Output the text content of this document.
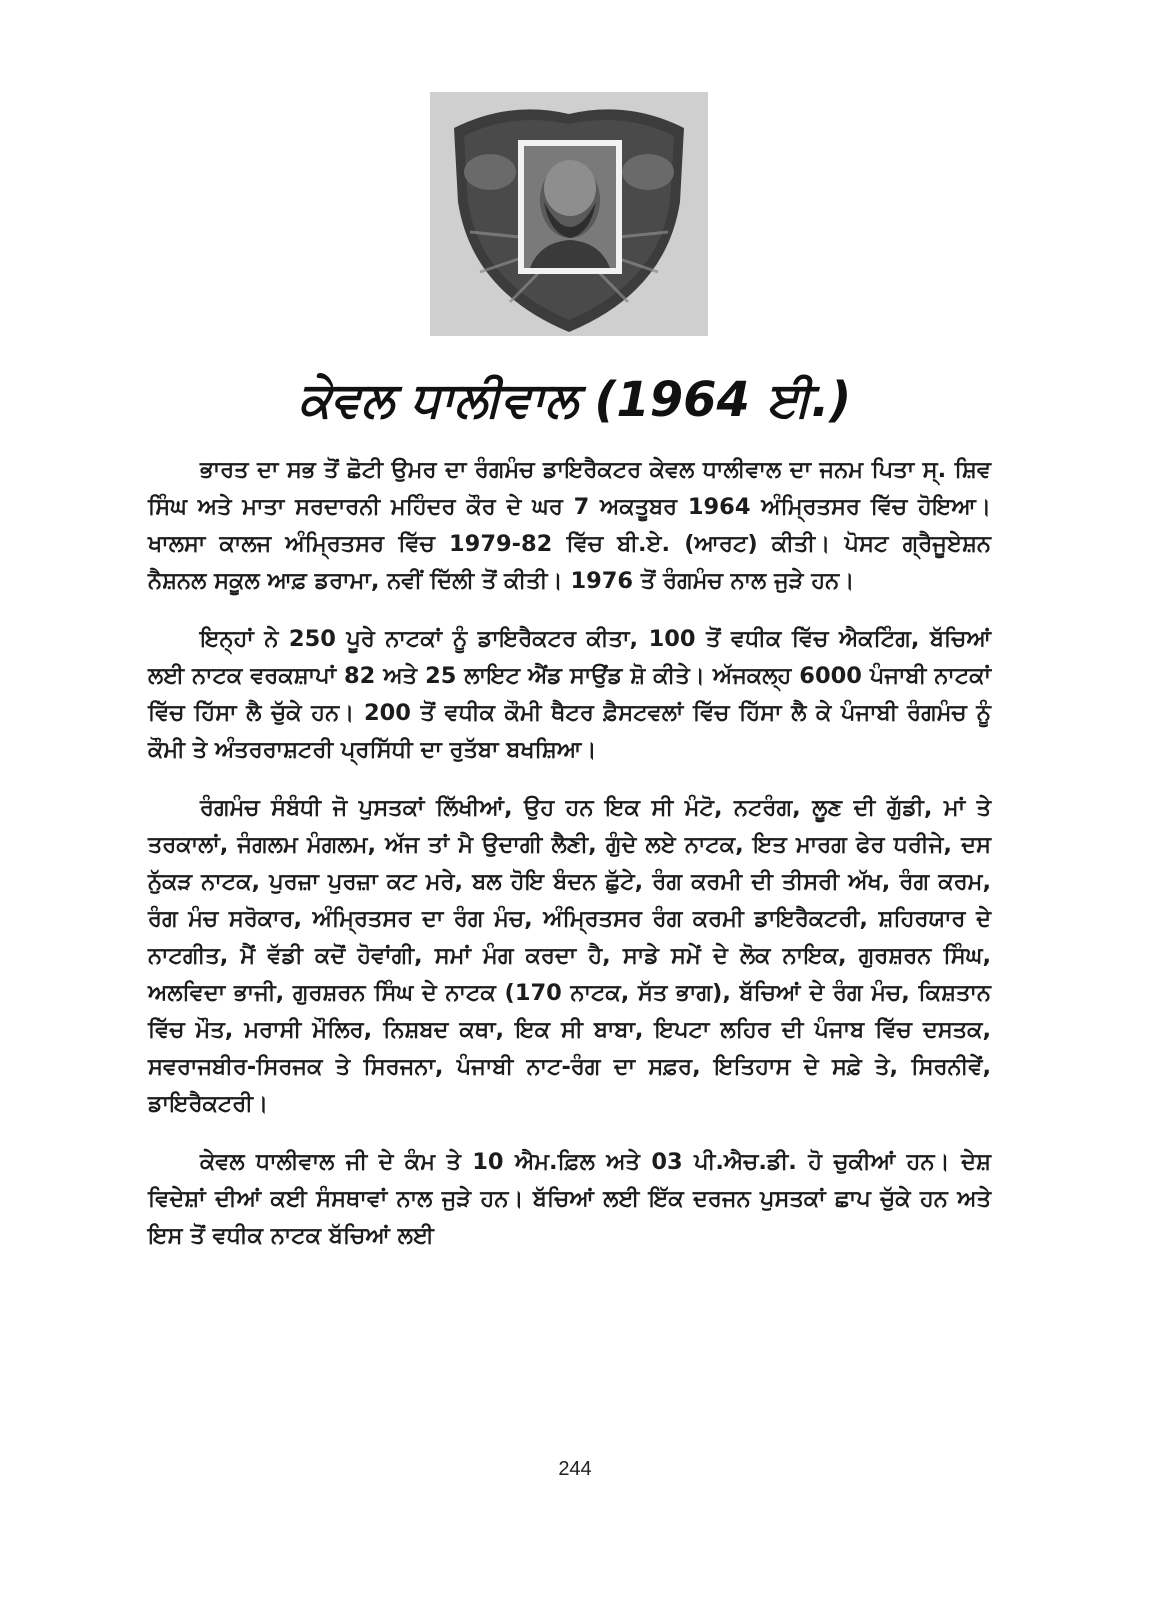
ਕੇਵਲ ਧਾਲੀਵਾਲ (1964 ਈ.)

ਭਾਰਤ ਦਾ ਸਭ ਤੋਂ ਛੋਟੀ ਉਮਰ ਦਾ ਰੰਗਮੰਚ ਡਾਇਰੈਕਟਰ ਕੇਵਲ ਧਾਲੀਵਾਲ ਦਾ ਜਨਮ ਪਿਤਾ ਸ੍. ਸ਼ਿਵ ਸਿੰਘ ਅਤੇ ਮਾਤਾ ਸਰਦਾਰਨੀ ਮਹਿੰਦਰ ਕੌਰ ਦੇ ਘਰ 7 ਅਕਤੂਬਰ 1964 ਅੰਮ੍ਰਿਤਸਰ ਵਿੱਚ ਹੋਇਆ। ਖਾਲਸਾ ਕਾਲਜ ਅੰਮ੍ਰਿਤਸਰ ਵਿੱਚ 1979-82 ਵਿੱਚ ਬੀ.ਏ. (ਆਰਟ) ਕੀਤੀ। ਪੋਸਟ ਗ੍ਰੈਜੂਏਸ਼ਨ ਨੈਸ਼ਨਲ ਸਕੂਲ ਆਫ਼ ਡਰਾਮਾ, ਨਵੀਂ ਦਿੱਲੀ ਤੋਂ ਕੀਤੀ। 1976 ਤੋਂ ਰੰਗਮੰਚ ਨਾਲ ਜੁੜੇ ਹਨ।

ਇਨ੍ਹਾਂ ਨੇ 250 ਪੂਰੇ ਨਾਟਕਾਂ ਨੂੰ ਡਾਇਰੈਕਟਰ ਕੀਤਾ, 100 ਤੋਂ ਵਧੀਕ ਵਿੱਚ ਐਕਟਿੰਗ, ਬੱਚਿਆਂ ਲਈ ਨਾਟਕ ਵਰਕਸ਼ਾਪਾਂ 82 ਅਤੇ 25 ਲਾਇਟ ਐਂਡ ਸਾਉਂਡ ਸ਼ੋ ਕੀਤੇ। ਅੱਜਕਲ੍ਹ 6000 ਪੰਜਾਬੀ ਨਾਟਕਾਂ ਵਿੱਚ ਹਿੱਸਾ ਲੈ ਚੁੱਕੇ ਹਨ। 200 ਤੋਂ ਵਧੀਕ ਕੌਮੀ ਥੈਟਰ ਫ਼ੈਸਟਵਲਾਂ ਵਿੱਚ ਹਿੱਸਾ ਲੈ ਕੇ ਪੰਜਾਬੀ ਰੰਗਮੰਚ ਨੂੰ ਕੌਮੀ ਤੇ ਅੰਤਰਰਾਸ਼ਟਰੀ ਪ੍ਰਸਿੱਧੀ ਦਾ ਰੁਤੱਬਾ ਬਖਸ਼ਿਆ।

ਰੰਗਮੰਚ ਸੰਬੰਧੀ ਜੋ ਪੁਸਤਕਾਂ ਲਿੱਖੀਆਂ, ਉਹ ਹਨ ਇਕ ਸੀ ਮੰਟੋ, ਨਟਰੰਗ, ਲੂਣ ਦੀ ਗੁੱਡੀ, ਮਾਂ ਤੇ ਤਰਕਾਲਾਂ, ਜੰਗਲਮ ਮੰਗਲਮ, ਅੱਜ ਤਾਂ ਮੈ ਉਦਾਗੀ ਲੈਣੀ, ਗੁੰਦੇ ਲਏ ਨਾਟਕ, ਇਤ ਮਾਰਗ ਫੇਰ ਧਰੀਜੇ, ਦਸ ਨੁੱਕੜ ਨਾਟਕ, ਪੁਰਜ਼ਾ ਪੁਰਜ਼ਾ ਕਟ ਮਰੇ, ਬਲ ਹੋਇ ਬੰਦਨ ਛੁੱਟੇ, ਰੰਗ ਕਰਮੀ ਦੀ ਤੀਸਰੀ ਅੱਖ, ਰੰਗ ਕਰਮ, ਰੰਗ ਮੰਚ ਸਰੋਕਾਰ, ਅੰਮ੍ਰਿਤਸਰ ਦਾ ਰੰਗ ਮੰਚ, ਅੰਮ੍ਰਿਤਸਰ ਰੰਗ ਕਰਮੀ ਡਾਇਰੈਕਟਰੀ, ਸ਼ਹਿਰਯਾਰ ਦੇ ਨਾਟਗੀਤ, ਮੈਂ ਵੱਡੀ ਕਦੋਂ ਹੋਵਾਂਗੀ, ਸਮਾਂ ਮੰਗ ਕਰਦਾ ਹੈ, ਸਾਡੇ ਸਮੇਂ ਦੇ ਲੋਕ ਨਾਇਕ, ਗੁਰਸ਼ਰਨ ਸਿੰਘ, ਅਲਵਿਦਾ ਭਾਜੀ, ਗੁਰਸ਼ਰਨ ਸਿੰਘ ਦੇ ਨਾਟਕ (170 ਨਾਟਕ, ਸੱਤ ਭਾਗ), ਬੱਚਿਆਂ ਦੇ ਰੰਗ ਮੰਚ, ਕਿਸ਼ਤਾਨ ਵਿੱਚ ਮੌਤ, ਮਰਾਸੀ ਮੌਲਿਰ, ਨਿਸ਼ਬਦ ਕਥਾ, ਇਕ ਸੀ ਬਾਬਾ, ਇਪਟਾ ਲਹਿਰ ਦੀ ਪੰਜਾਬ ਵਿੱਚ ਦਸਤਕ, ਸਵਰਾਜਬੀਰ-ਸਿਰਜਕ ਤੇ ਸਿਰਜਨਾ, ਪੰਜਾਬੀ ਨਾਟ-ਰੰਗ ਦਾ ਸਫ਼ਰ, ਇਤਿਹਾਸ ਦੇ ਸਫ਼ੇ ਤੇ, ਸਿਰਨੀਵੇਂ, ਡਾਇਰੈਕਟਰੀ।

ਕੇਵਲ ਧਾਲੀਵਾਲ ਜੀ ਦੇ ਕੰਮ ਤੇ 10 ਐਮ.ਫ਼ਿਲ ਅਤੇ 03 ਪੀ.ਐਚ.ਡੀ. ਹੋ ਚੁਕੀਆਂ ਹਨ। ਦੇਸ਼ ਵਿਦੇਸ਼ਾਂ ਦੀਆਂ ਕਈ ਸੰਸਥਾਵਾਂ ਨਾਲ ਜੁੜੇ ਹਨ। ਬੱਚਿਆਂ ਲਈ ਇੱਕ ਦਰਜਨ ਪੁਸਤਕਾਂ ਛਾਪ ਚੁੱਕੇ ਹਨ ਅਤੇ ਇਸ ਤੋਂ ਵਧੀਕ ਨਾਟਕ ਬੱਚਿਆਂ ਲਈ

244
